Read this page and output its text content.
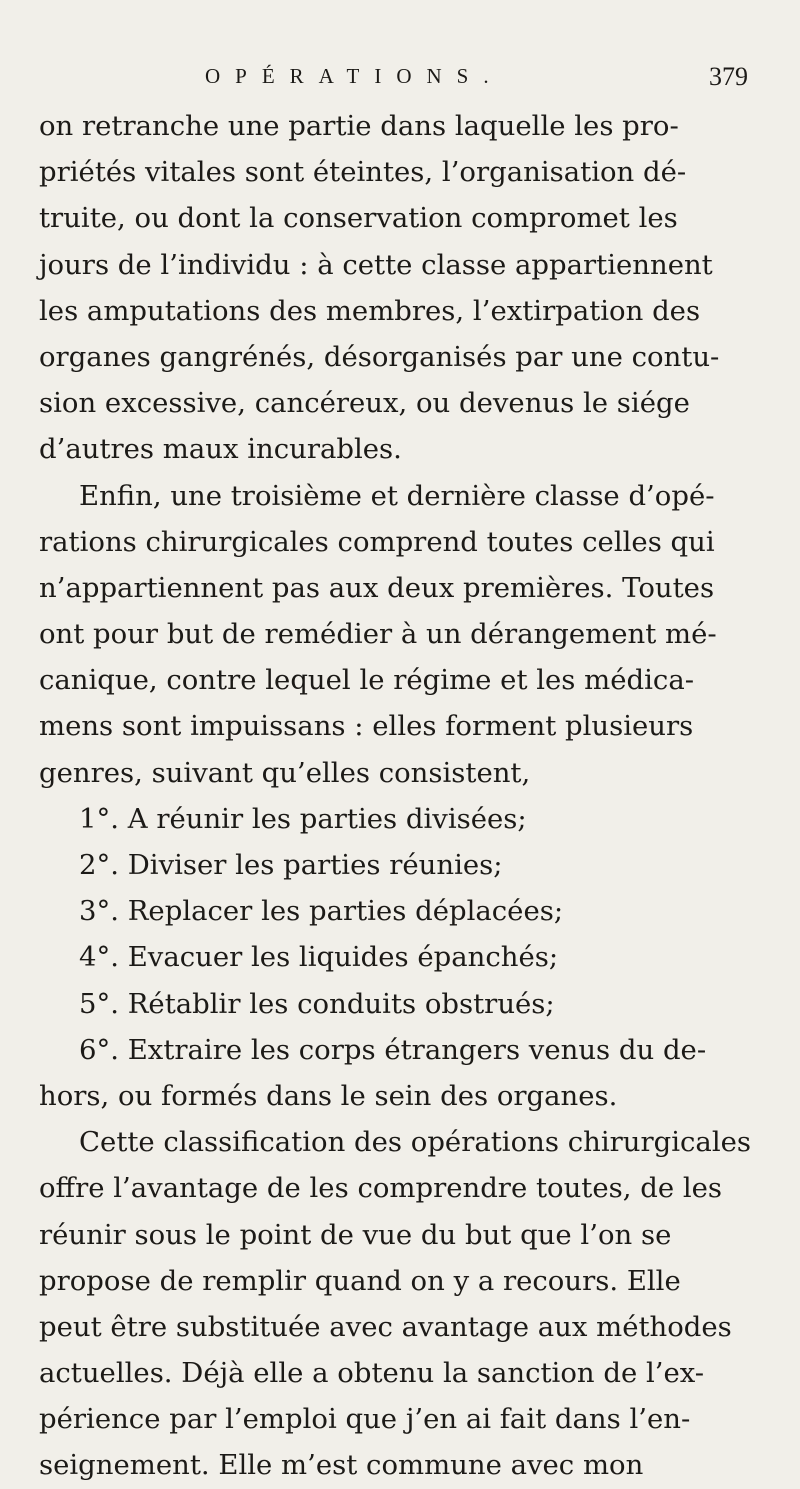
OPÉRATIONS.	379
on retranche une partie dans laquelle les pro-
priétés vitales sont éteintes, l’organisation dé-
truite, ou dont la conservation compromet les
jours de l’individu : à cette classe appartiennent
les amputations des membres, l’extirpation des
organes gangrénés, désorganisés par une contu-
sion excessive, cancéreux, ou devenus le siége
d’autres maux incurables.
Enfin, une troisième et dernière classe d’opé-
rations chirurgicales comprend toutes celles qui
n’appartiennent pas aux deux premières. Toutes
ont pour but de remédier à un dérangement mé-
canique, contre lequel le régime et les médica-
mens sont impuissans : elles forment plusieurs
genres, suivant qu’elles consistent,
1°. A réunir les parties divisées;
2°. Diviser les parties réunies;
3°. Replacer les parties déplacées;
4°. Evacuer les liquides épanchés;
5°. Rétablir les conduits obstrués;
6°. Extraire les corps étrangers venus du de-
hors, ou formés dans le sein des organes.
Cette classification des opérations chirurgicales
offre l’avantage de les comprendre toutes, de les
réunir sous le point de vue du but que l’on se
propose de remplir quand on y a recours. Elle
peut être substituée avec avantage aux méthodes
actuelles. Déjà elle a obtenu la sanction de l’ex-
périence par l’emploi que j’en ai fait dans l’en-
seignement. Elle m’est commune avec mon
